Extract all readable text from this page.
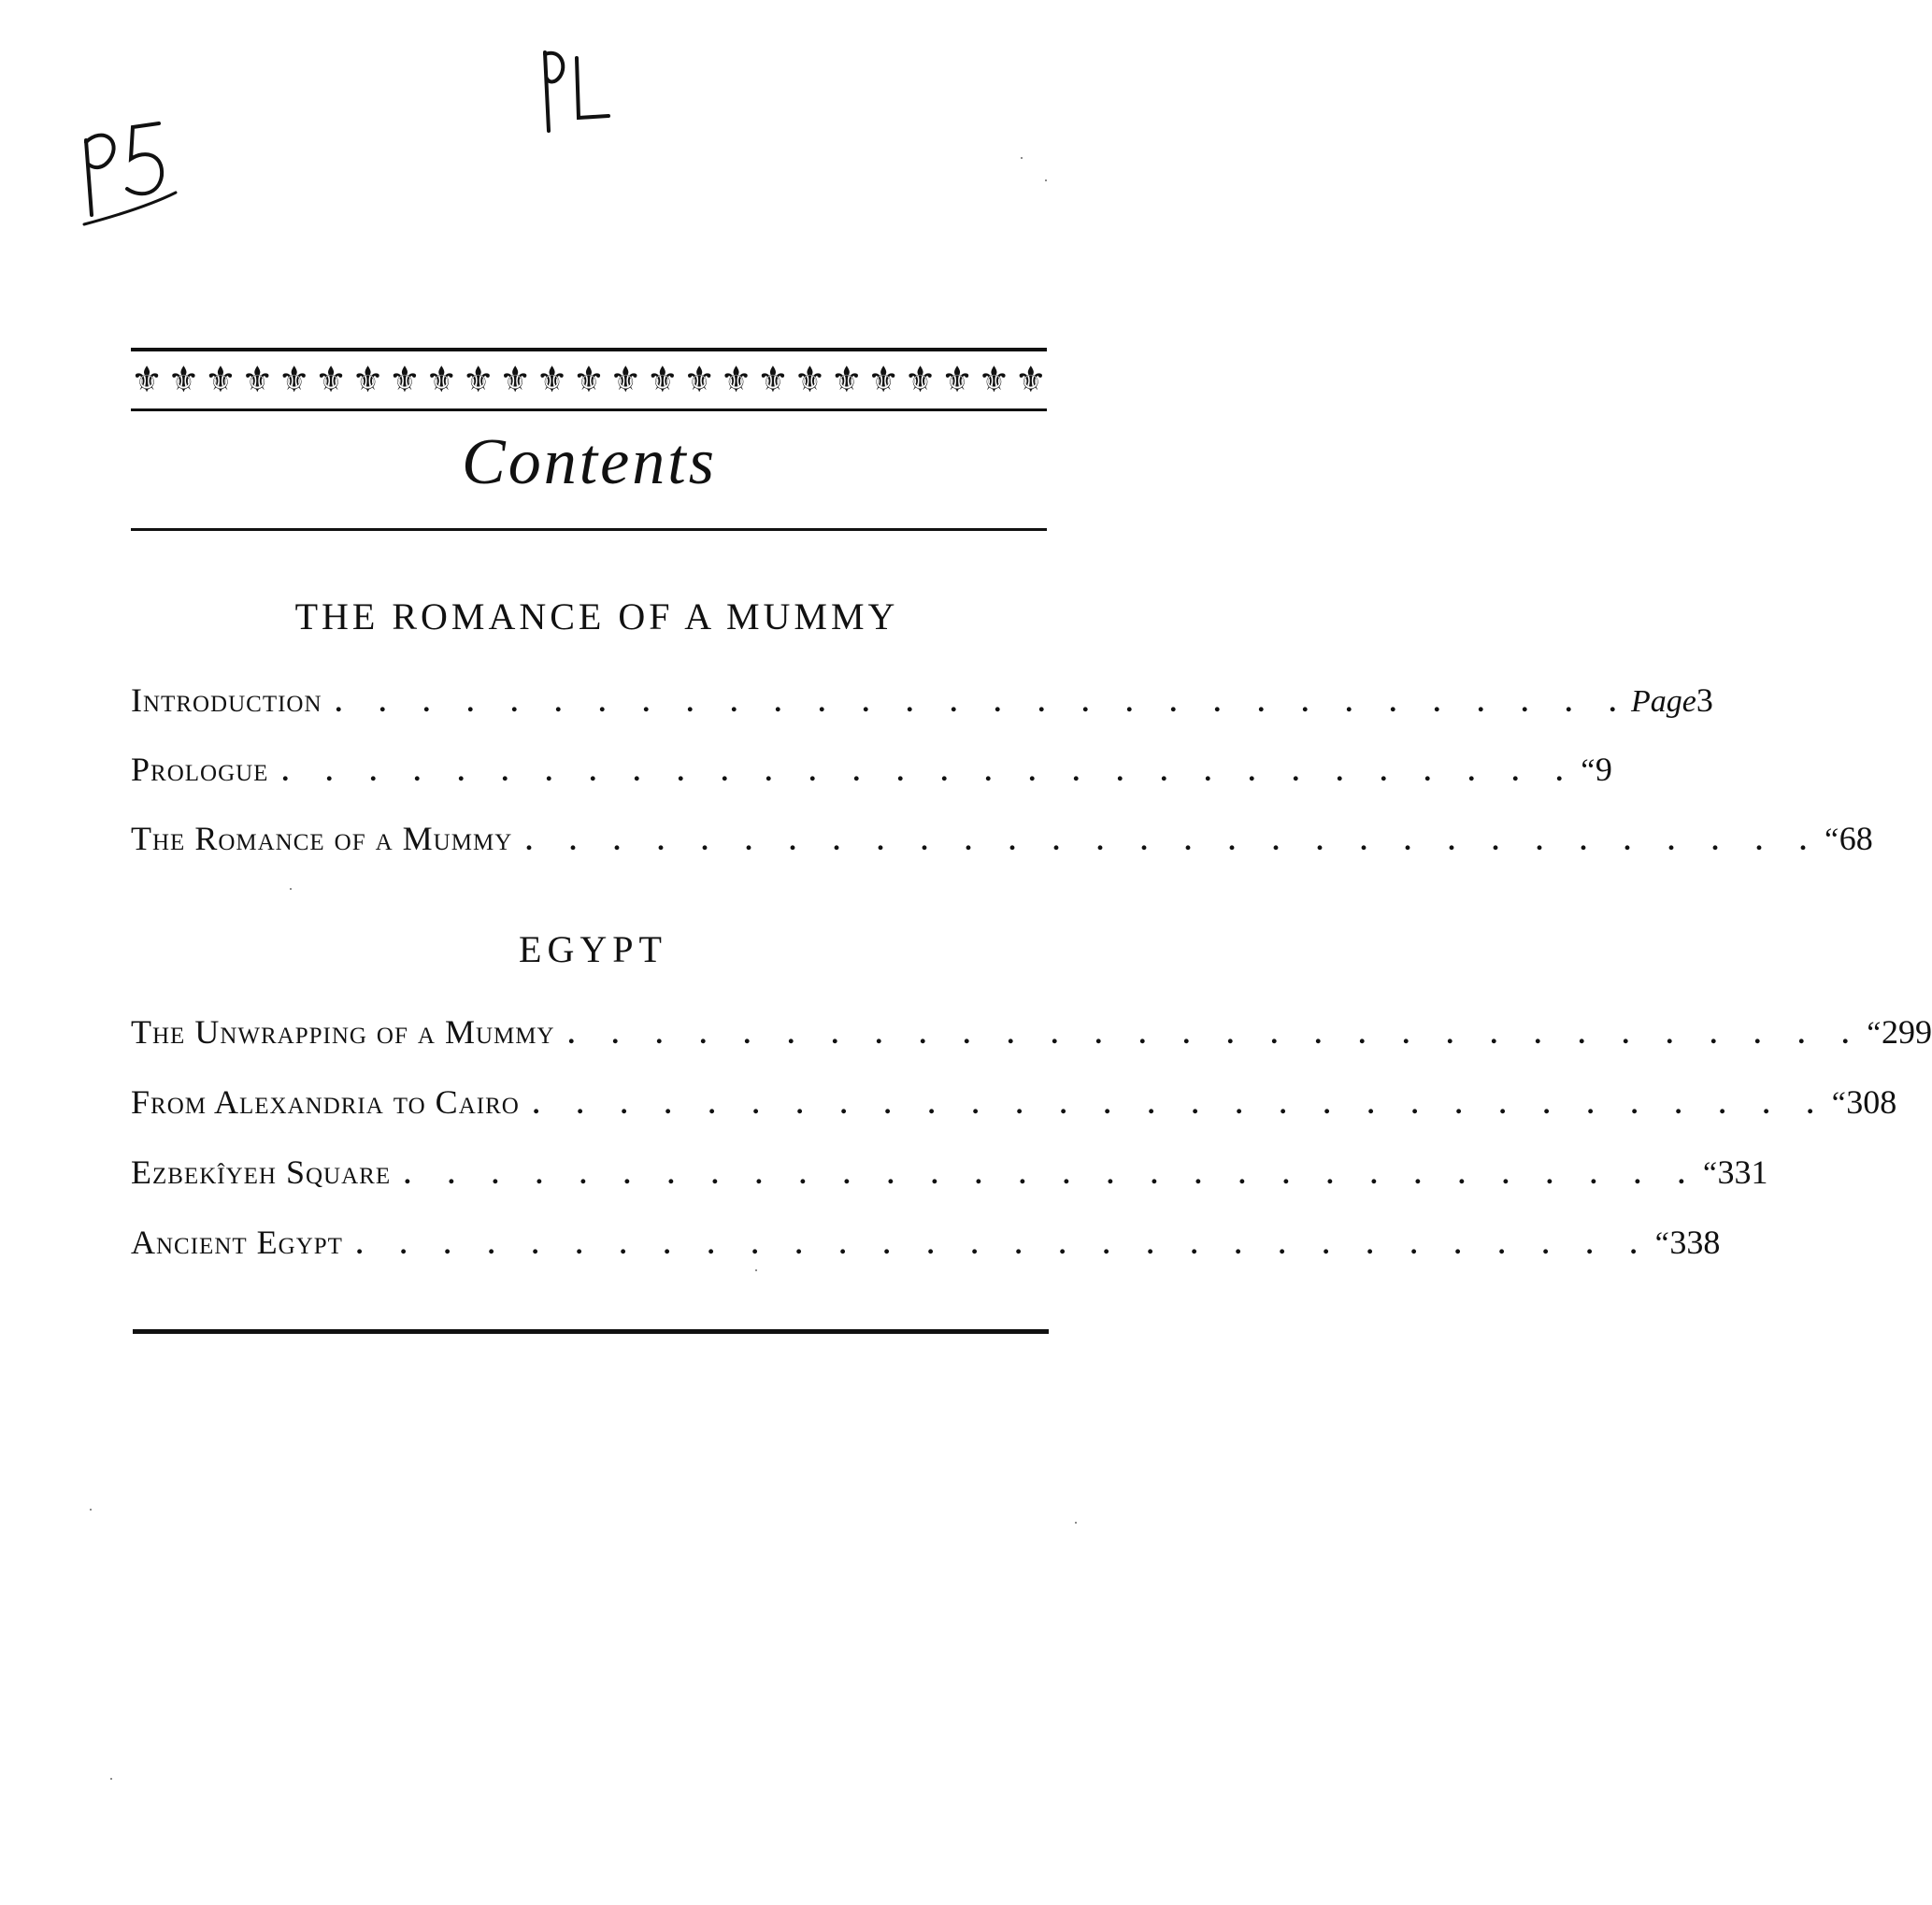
⚜ ⚜ ⚜ ⚜ ⚜ ⚜ ⚜ ⚜ ⚜ ⚜ ⚜ ⚜ ⚜ ⚜ ⚜ ⚜ ⚜ ⚜ ⚜ ⚜ ⚜ ⚜ ⚜ ⚜ ⚜
Contents
THE ROMANCE OF A MUMMY
Introduction . . . . . . . . . . . . . . . . . . . . . . . . . . . . . . Page 3
Prologue . . . . . . . . . . . . . . . . . . . . . . . . . . . . . . “ 9
The Romance of a Mummy . . . . . . . . . . . . . . . . . . . . . . . . . . . . . . “ 68
EGYPT
The Unwrapping of a Mummy . . . . . . . . . . . . . . . . . . . . . . . . . . . . . . “ 299
From Alexandria to Cairo . . . . . . . . . . . . . . . . . . . . . . . . . . . . . . “ 308
Ezbekîyeh Square . . . . . . . . . . . . . . . . . . . . . . . . . . . . . . “ 331
Ancient Egypt . . . . . . . . . . . . . . . . . . . . . . . . . . . . . . “ 338
